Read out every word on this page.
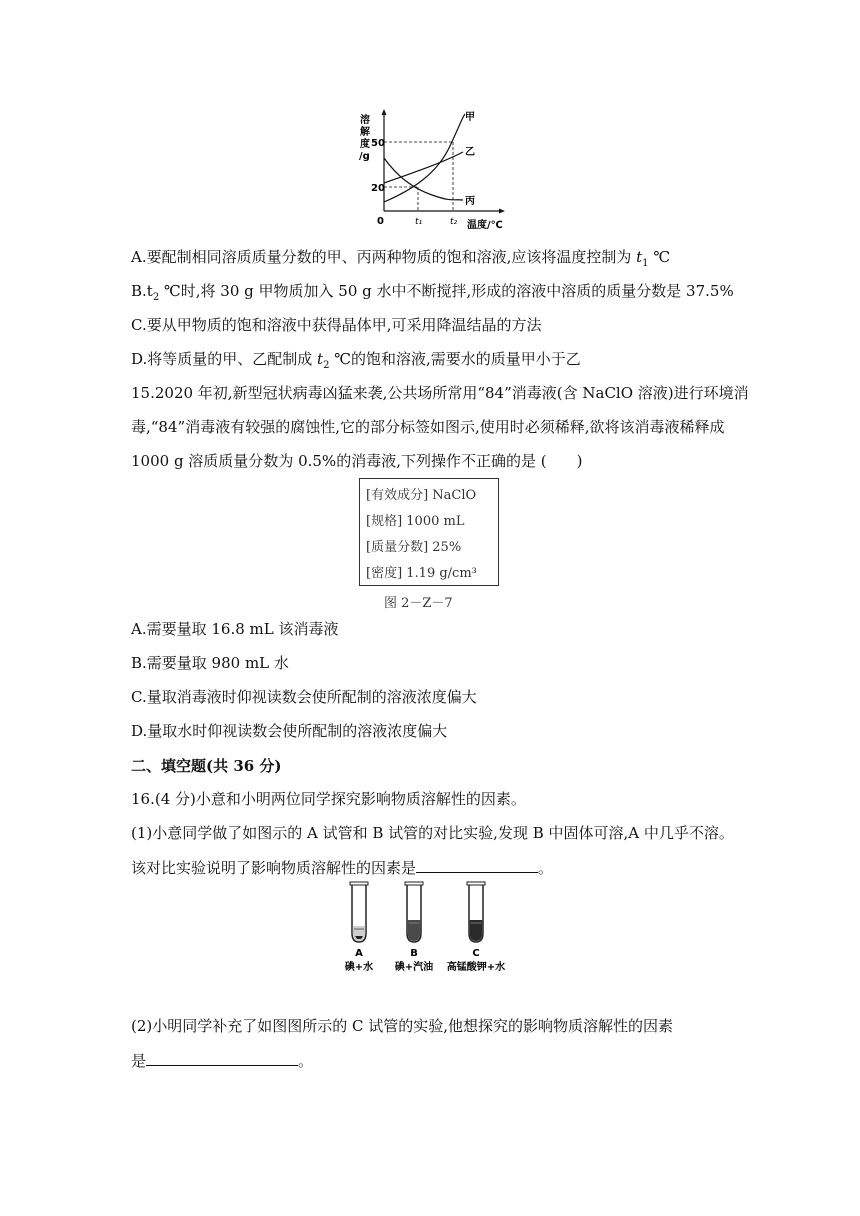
溶
解
度
/g
50
20
0	t₁	t₂ 温度/℃
甲
乙
丙
A.要配制相同溶质质量分数的甲、丙两种物质的饱和溶液,应该将温度控制为 $t_1$ ℃
$B.t_2$ ℃时,将 30 g 甲物质加入 50 g 水中不断搅拌,形成的溶液中溶质的质量分数是 37.5%
C.要从甲物质的饱和溶液中获得晶体甲,可采用降温结晶的方法
D.将等质量的甲、乙配制成 $t_2$ ℃的饱和溶液,需要水的质量甲小于乙
15.2020 年初,新型冠状病毒凶猛来袭,公共场所常用“84”消毒液(含 NaClO 溶液)进行环境消
毒,“84”消毒液有较强的腐蚀性,它的部分标签如图示,使用时必须稀释,欲将该消毒液稀释成
1000 g 溶质质量分数为 0.5%的消毒液,下列操作不正确的是 (　　)
[有效成分] NaClO
[规格] 1000 mL
[质量分数] 25%
[密度] 1.19 g/cm³
图 2－Z－7
A.需要量取 16.8 mL 该消毒液
B.需要量取 980 mL 水
C.量取消毒液时仰视读数会使所配制的溶液浓度偏大
D.量取水时仰视读数会使所配制的溶液浓度偏大
二、填空题(共 36 分)
16.(4 分)小意和小明两位同学探究影响物质溶解性的因素。
(1)小意同学做了如图示的 A 试管和 B 试管的对比实验,发现 B 中固体可溶,A 中几乎不溶。
该对比实验说明了影响物质溶解性的因素是	。
A	B	C
碘+水 碘+汽油 高锰酸钾+水
(2)小明同学补充了如图图所示的 C 试管的实验,他想探究的影响物质溶解性的因素
是	。
